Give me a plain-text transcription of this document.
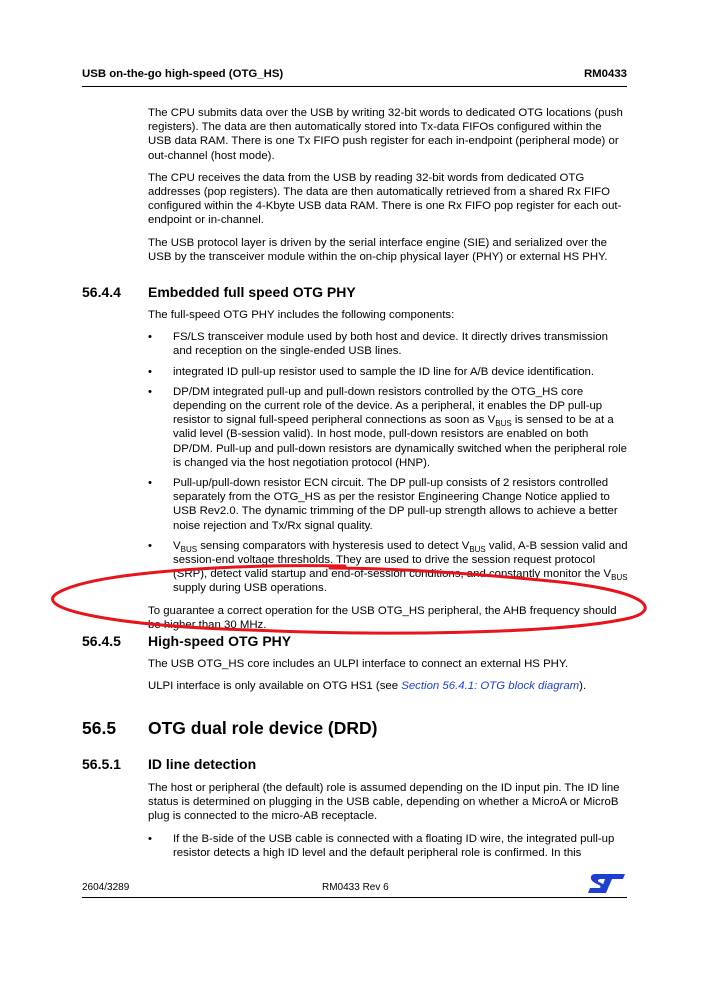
USB on-the-go high-speed (OTG_HS)	RM0433

The CPU submits data over the USB by writing 32-bit words to dedicated OTG locations (push registers). The data are then automatically stored into Tx-data FIFOs configured within the USB data RAM. There is one Tx FIFO push register for each in-endpoint (peripheral mode) or out-channel (host mode).

The CPU receives the data from the USB by reading 32-bit words from dedicated OTG addresses (pop registers). The data are then automatically retrieved from a shared Rx FIFO configured within the 4-Kbyte USB data RAM. There is one Rx FIFO pop register for each out-endpoint or in-channel.

The USB protocol layer is driven by the serial interface engine (SIE) and serialized over the USB by the transceiver module within the on-chip physical layer (PHY) or external HS PHY.

56.4.4 Embedded full speed OTG PHY

The full-speed OTG PHY includes the following components:

• FS/LS transceiver module used by both host and device. It directly drives transmission and reception on the single-ended USB lines.
• integrated ID pull-up resistor used to sample the ID line for A/B device identification.
• DP/DM integrated pull-up and pull-down resistors controlled by the OTG_HS core depending on the current role of the device. As a peripheral, it enables the DP pull-up resistor to signal full-speed peripheral connections as soon as $V_{BUS}$ is sensed to be at a valid level (B-session valid). In host mode, pull-down resistors are enabled on both DP/DM. Pull-up and pull-down resistors are dynamically switched when the peripheral role is changed via the host negotiation protocol (HNP).
• Pull-up/pull-down resistor ECN circuit. The DP pull-up consists of 2 resistors controlled separately from the OTG_HS as per the resistor Engineering Change Notice applied to USB Rev2.0. The dynamic trimming of the DP pull-up strength allows to achieve a better noise rejection and Tx/Rx signal quality.
• $V_{BUS}$ sensing comparators with hysteresis used to detect $V_{BUS}$ valid, A-B session valid and session-end voltage thresholds. They are used to drive the session request protocol (SRP), detect valid startup and end-of-session conditions, and constantly monitor the $V_{BUS}$ supply during USB operations.

To guarantee a correct operation for the USB OTG_HS peripheral, the AHB frequency should be higher than 30 MHz.

56.4.5 High-speed OTG PHY

The USB OTG_HS core includes an ULPI interface to connect an external HS PHY.

ULPI interface is only available on OTG HS1 (see Section 56.4.1: OTG block diagram).

56.5 OTG dual role device (DRD)
56.5.1 ID line detection

The host or peripheral (the default) role is assumed depending on the ID input pin. The ID line status is determined on plugging in the USB cable, depending on whether a MicroA or MicroB plug is connected to the micro-AB receptacle.

• If the B-side of the USB cable is connected with a floating ID wire, the integrated pull-up resistor detects a high ID level and the default peripheral role is confirmed. In this
2604/3289	RM0433 Rev 6
